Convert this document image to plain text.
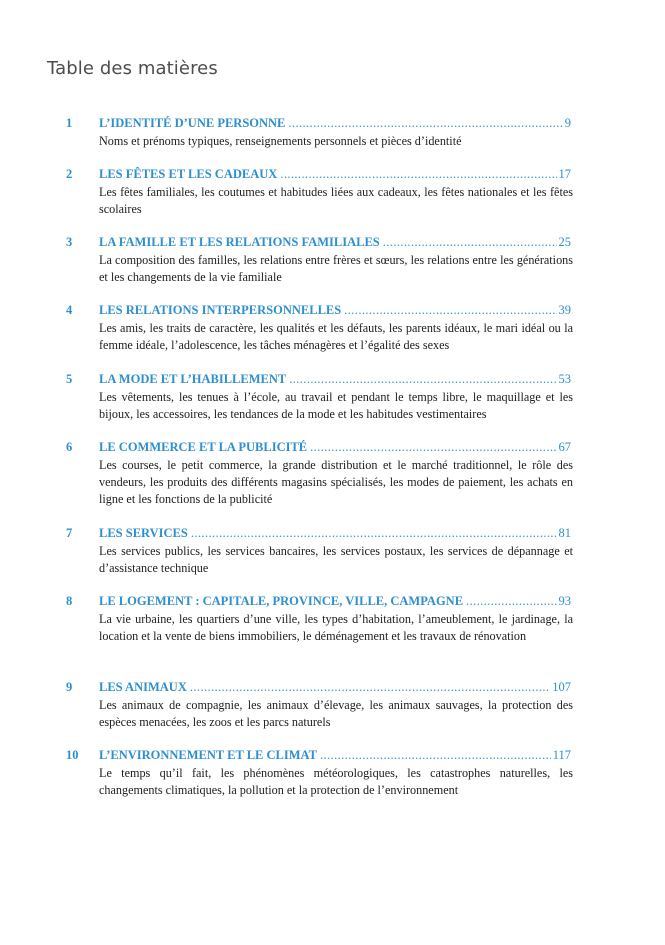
Table des matières
1 L’IDENTITÉ D’UNE PERSONNE .....	9

Noms et prénoms typiques, renseignements personnels et pièces d’identité

2 LES FÊTES ET LES CADEAUX .....	17

Les fêtes familiales, les coutumes et habitudes liées aux cadeaux, les fêtes nationales et les fêtes scolaires

3 LA FAMILLE ET LES RELATIONS FAMILIALES .....	25

La composition des familles, les relations entre frères et sœurs, les relations entre les générations et les changements de la vie familiale

4 LES RELATIONS INTERPERSONNELLES .....	39

Les amis, les traits de caractère, les qualités et les défauts, les parents idéaux, le mari idéal ou la femme idéale, l’adolescence, les tâches ménagères et l’égalité des sexes

5 LA MODE ET L’HABILLEMENT .....	53

Les vêtements, les tenues à l’école, au travail et pendant le temps libre, le maquillage et les bijoux, les accessoires, les tendances de la mode et les habitudes vestimentaires

6 LE COMMERCE ET LA PUBLICITÉ .....	67

Les courses, le petit commerce, la grande distribution et le marché traditionnel, le rôle des vendeurs, les produits des différents magasins spécialisés, les modes de paiement, les achats en ligne et les fonctions de la publicité

7 LES SERVICES .....	81

Les services publics, les services bancaires, les services postaux, les services de dépannage et d’assistance technique

8 LE LOGEMENT : CAPITALE, PROVINCE, VILLE, CAMPAGNE .....	93

La vie urbaine, les quartiers d’une ville, les types d’habitation, l’ameublement, le jardinage, la location et la vente de biens immobiliers, le déménagement et les travaux de rénovation

9 LES ANIMAUX .....	107

Les animaux de compagnie, les animaux d’élevage, les animaux sauvages, la protection des espèces menacées, les zoos et les parcs naturels

10 L’ENVIRONNEMENT ET LE CLIMAT .....	117

Le temps qu’il fait, les phénomènes météorologiques, les catastrophes naturelles, les changements climatiques, la pollution et la protection de l’environnement
